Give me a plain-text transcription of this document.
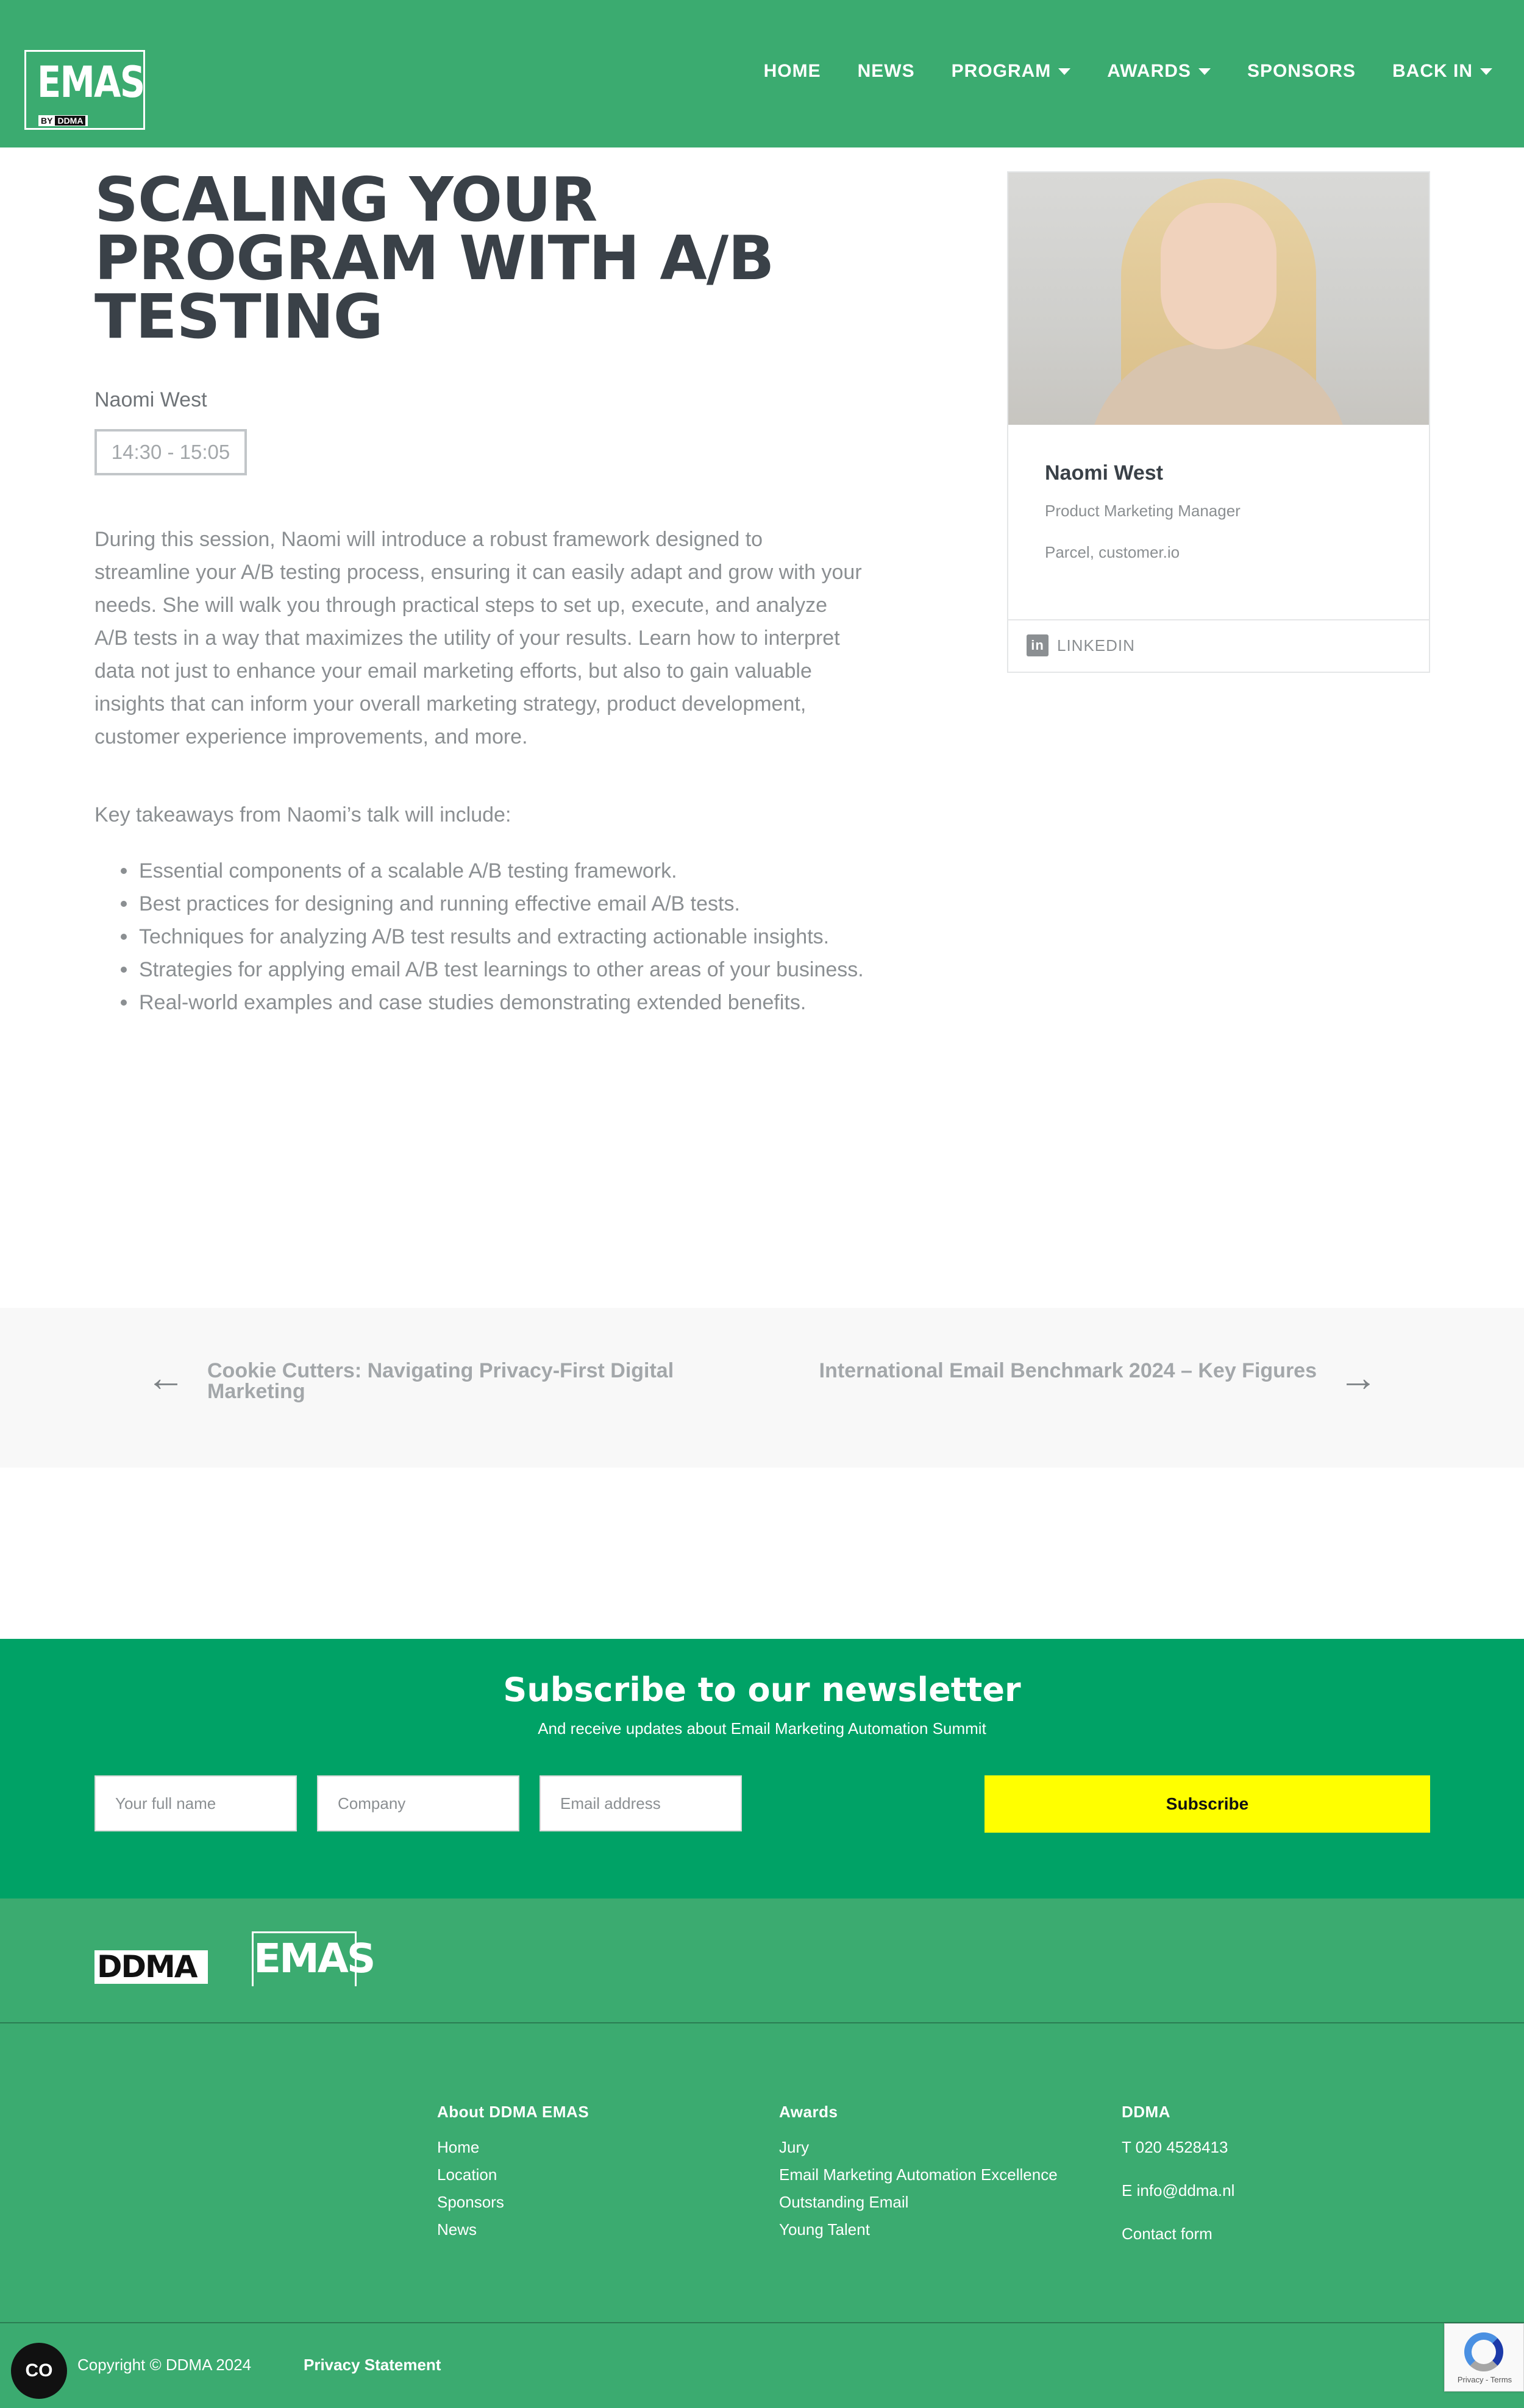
EMAS
BY DDMA
HOME NEWS PROGRAM	AWARDS	SPONSORS BACK IN
SCALING YOUR PROGRAM WITH A/B TESTING
Naomi West
14:30 - 15:05

During this session, Naomi will introduce a robust framework designed to streamline your A/B testing process, ensuring it can easily adapt and grow with your needs. She will walk you through practical steps to set up, execute, and analyze A/B tests in a way that maximizes the utility of your results. Learn how to interpret data not just to enhance your email marketing efforts, but also to gain valuable insights that can inform your overall marketing strategy, product development, customer experience improvements, and more.

Key takeaways from Naomi’s talk will include:

Essential components of a scalable A/B testing framework.
Best practices for designing and running effective email A/B tests.
Techniques for analyzing A/B test results and extracting actionable insights.
Strategies for applying email A/B test learnings to other areas of your business.
Real-world examples and case studies demonstrating extended benefits.
Naomi West
Product Marketing Manager
Parcel, customer.io
in LINKEDIN
← Cookie Cutters: Navigating Privacy-First Digital Marketing
International Email Benchmark 2024 – Key Figures →
Subscribe to our newsletter

And receive updates about Email Marketing Automation Summit

Your full name
Company
Email address
Subscribe
DDMA EMAS
About DDMA EMAS
Home
Location
Sponsors
News
Awards
Jury
Email Marketing Automation Excellence
Outstanding Email
Young Talent
DDMA
T 020 4528413
E info@ddma.nl
Contact form
Copyright © DDMA 2024	Privacy Statement
CO	Privacy - Terms
